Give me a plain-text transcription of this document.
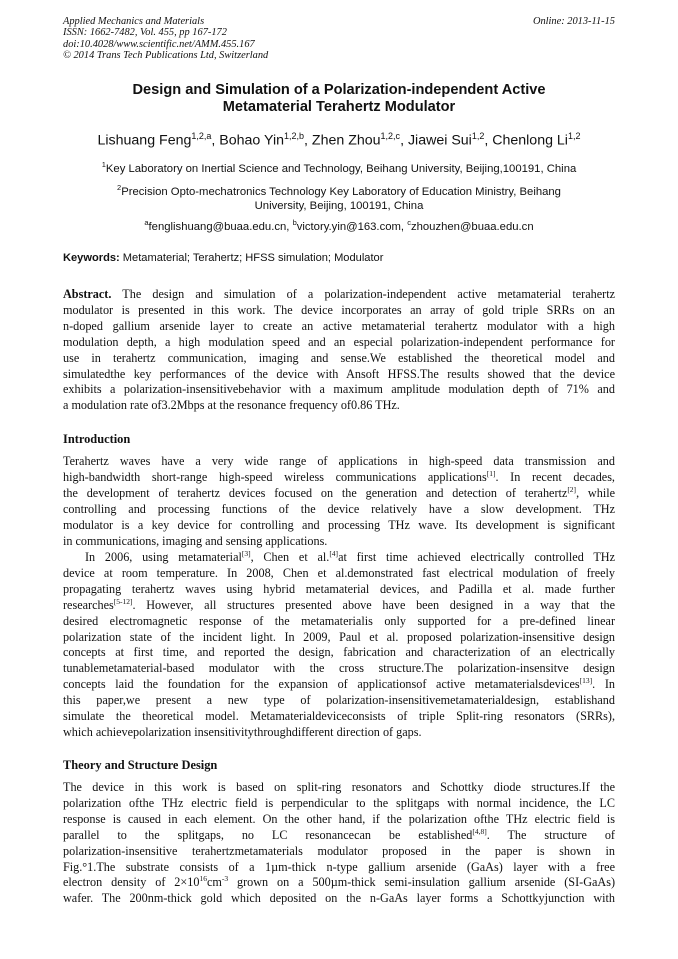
Applied Mechanics and Materials
ISSN: 1662-7482, Vol. 455, pp 167-172
doi:10.4028/www.scientific.net/AMM.455.167
© 2014 Trans Tech Publications Ltd, Switzerland
Online: 2013-11-15
Design and Simulation of a Polarization-independent Active
Metamaterial Terahertz Modulator
Lishuang Feng$^{1,2,a}$, Bohao Yin$^{1,2,b}$, Zhen Zhou$^{1,2,c}$, Jiawei Sui$^{1,2}$, Chenlong Li$^{1,2}$
$^1$Key Laboratory on Inertial Science and Technology, Beihang University, Beijing,100191, China
$^2$Precision Opto-mechatronics Technology Key Laboratory of Education Ministry, Beihang
University, Beijing, 100191, China
$^a$fenglishuang@buaa.edu.cn, $^b$victory.yin@163.com, $^c$zhouzhen@buaa.edu.cn
Keywords: Metamaterial; Terahertz; HFSS simulation; Modulator
Abstract. The design and simulation of a polarization-independent active metamaterial terahertz
modulator is presented in this work. The device incorporates an array of gold triple SRRs on an
n-doped gallium arsenide layer to create an active metamaterial terahertz modulator with a high
modulation depth, a high modulation speed and an especial polarization-independent performance for
use in terahertz communication, imaging and sense.We established the theoretical model and
simulatedthe key performances of the device with Ansoft HFSS.The results showed that the device
exhibits a polarization-insensitivebehavior with a maximum amplitude modulation depth of 71% and
a modulation rate of3.2Mbps at the resonance frequency of0.86 THz.
Introduction
Terahertz waves have a very wide range of applications in high-speed data transmission and
high-bandwidth short-range high-speed wireless communications applications[1]. In recent decades,
the development of terahertz devices focused on the generation and detection of terahertz[2], while
controlling and processing functions of the device relatively have a slow development. THz
modulator is a key device for controlling and processing THz wave. Its development is significant
in communications, imaging and sensing applications.
In 2006, using metamaterial[3], Chen et al.[4]at first time achieved electrically controlled THz
device at room temperature. In 2008, Chen et al.demonstrated fast electrical modulation of freely
propagating terahertz waves using hybrid metamaterial devices, and Padilla et al. made further
researches[5-12]. However, all structures presented above have been designed in a way that the
desired electromagnetic response of the metamaterialis only supported for a pre-defined linear
polarization state of the incident light. In 2009, Paul et al. proposed polarization-insensitive design
concepts at first time, and reported the design, fabrication and characterization of an electrically
tunablemetamaterial-based modulator with the cross structure.The polarization-insensitve design
concepts laid the foundation for the expansion of applicationsof active metamaterialsdevices[13]. In
this paper,we present a new type of polarization-insensitivemetamaterialdesign, establishand
simulate the theoretical model. Metamaterialdeviceconsists of triple Split-ring resonators (SRRs),
which achievepolarization insensitivitythroughdifferent direction of gaps.
Theory and Structure Design
The device in this work is based on split-ring resonators and Schottky diode structures.If the
polarization ofthe THz electric field is perpendicular to the splitgaps with normal incidence, the LC
response is caused in each element. On the other hand, if the polarization ofthe THz electric field is
parallel to the splitgaps, no LC resonancecan be established[4,8]. The structure of
polarization-insensitive terahertzmetamaterials modulator proposed in the paper is shown in
Fig.°1.The substrate consists of a 1µm-thick n-type gallium arsenide (GaAs) layer with a free
electron density of $2\times 10^{16}cm^{-3}$ grown on a 500µm-thick semi-insulation gallium arsenide (SI-GaAs)
wafer. The 200nm-thick gold which deposited on the n-GaAs layer forms a Schottkyjunction with
